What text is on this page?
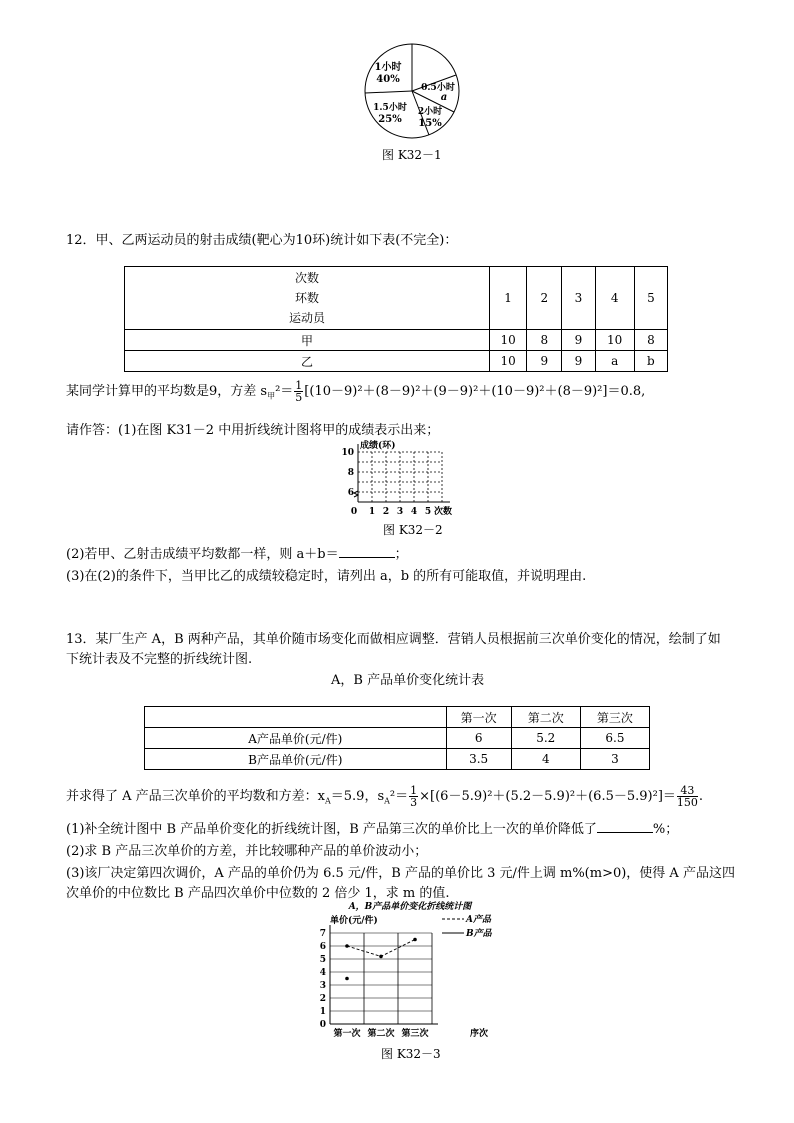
1小时
40%
0.5小时
a
2小时
15%
1.5小时
25%
图 K32－1
12．甲、乙两运动员的射击成绩(靶心为10环)统计如下表(不完全)：
次数
环数
运动员	1	2	3	4	5
甲	10	8	9	10	8
乙	10	9	9	a	b
某同学计算甲的平均数是9，方差 $s_甲^2= \frac{1}{5} [(10-9)^2+(8-9)^2+(9-9)^2+(10-9)^2+(8-9)^2]=0.8$,
请作答：(1)在图 K31－2 中用折线统计图将甲的成绩表示出来；
0 1 2 3 4 5
6
8
10
成绩(环)
次数
图 K32－2
(2)若甲、乙射击成绩平均数都一样，则 a＋b＝	；
(3)在(2)的条件下，当甲比乙的成绩较稳定时，请列出 a，b 的所有可能取值，并说明理由.
13．某厂生产 A，B 两种产品，其单价随市场变化而做相应调整．营销人员根据前三次单价变化的情况，绘制了如
下统计表及不完整的折线统计图.
A，B 产品单价变化统计表
	第一次	第二次	第三次
A产品单价(元/件)	6	5.2	6.5
B产品单价(元/件)	3.5	4	3
并求得了 A 产品三次单价的平均数和方差：$x_A=5.9$，$s_A^2= \frac{1}{3} \times[(6-5.9)^2+(5.2-5.9)^2+(6.5-5.9)^2]= \frac{43}{150}$ .
(1)补全统计图中 B 产品单价变化的折线统计图，B 产品第三次的单价比上一次的单价降低了	%；
(2)求 B 产品三次单价的方差，并比较哪种产品的单价波动小；
(3)该厂决定第四次调价，A 产品的单价仍为 6.5 元/件，B 产品的单价比 3 元/件上调 m%(m>0)，使得 A 产品这四
次单价的中位数比 B 产品四次单价中位数的 2 倍少 1，求 m 的值.
A，B产品单价变化折线统计图
单价(元/件)	A产品
B产品
0
1
2
3
4
5
6
7
第一次 第二次 第三次	序次
图 K32－3
